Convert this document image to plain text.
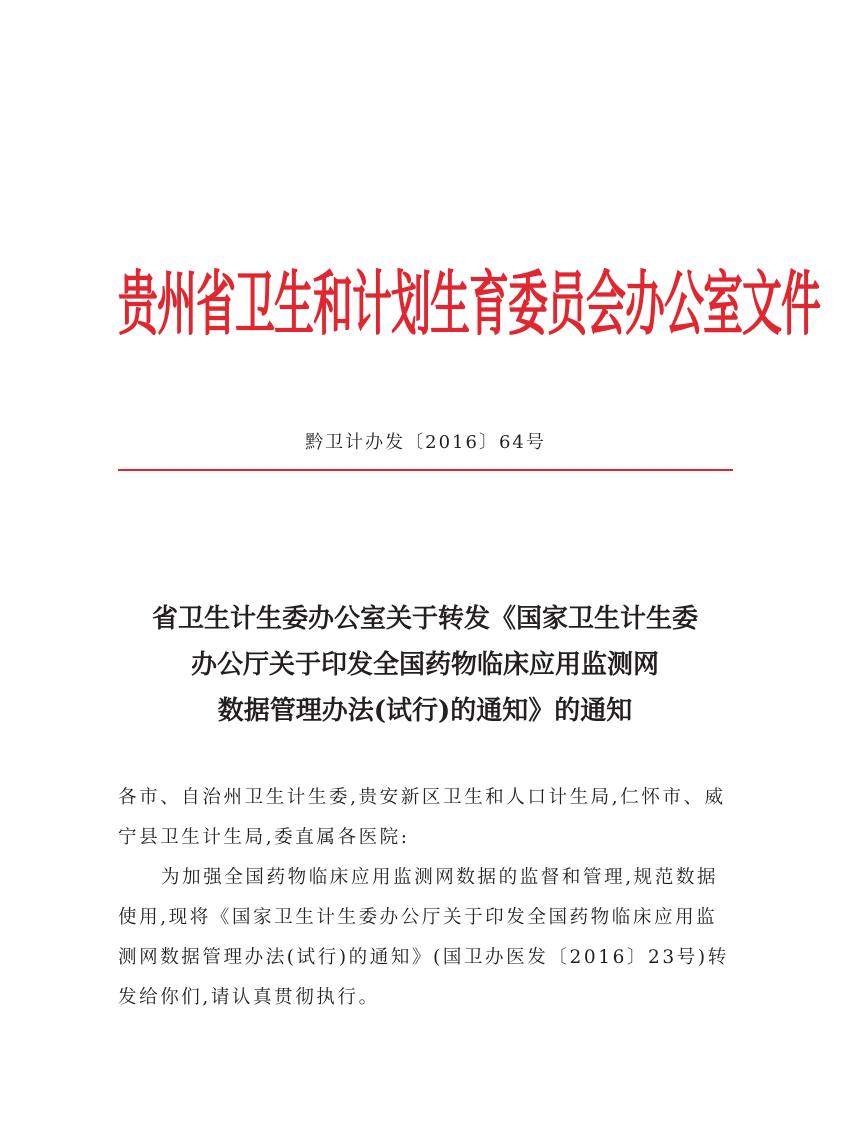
贵州省卫生和计划生育委员会办公室文件
黔卫计办发〔2016〕64号
省卫生计生委办公室关于转发《国家卫生计生委
办公厅关于印发全国药物临床应用监测网
数据管理办法(试行)的通知》的通知

各市、自治州卫生计生委,贵安新区卫生和人口计生局,仁怀市、威宁县卫生计生局,委直属各医院:

为加强全国药物临床应用监测网数据的监督和管理,规范数据使用,现将《国家卫生计生委办公厅关于印发全国药物临床应用监测网数据管理办法(试行)的通知》(国卫办医发〔2016〕23号)转发给你们,请认真贯彻执行。
